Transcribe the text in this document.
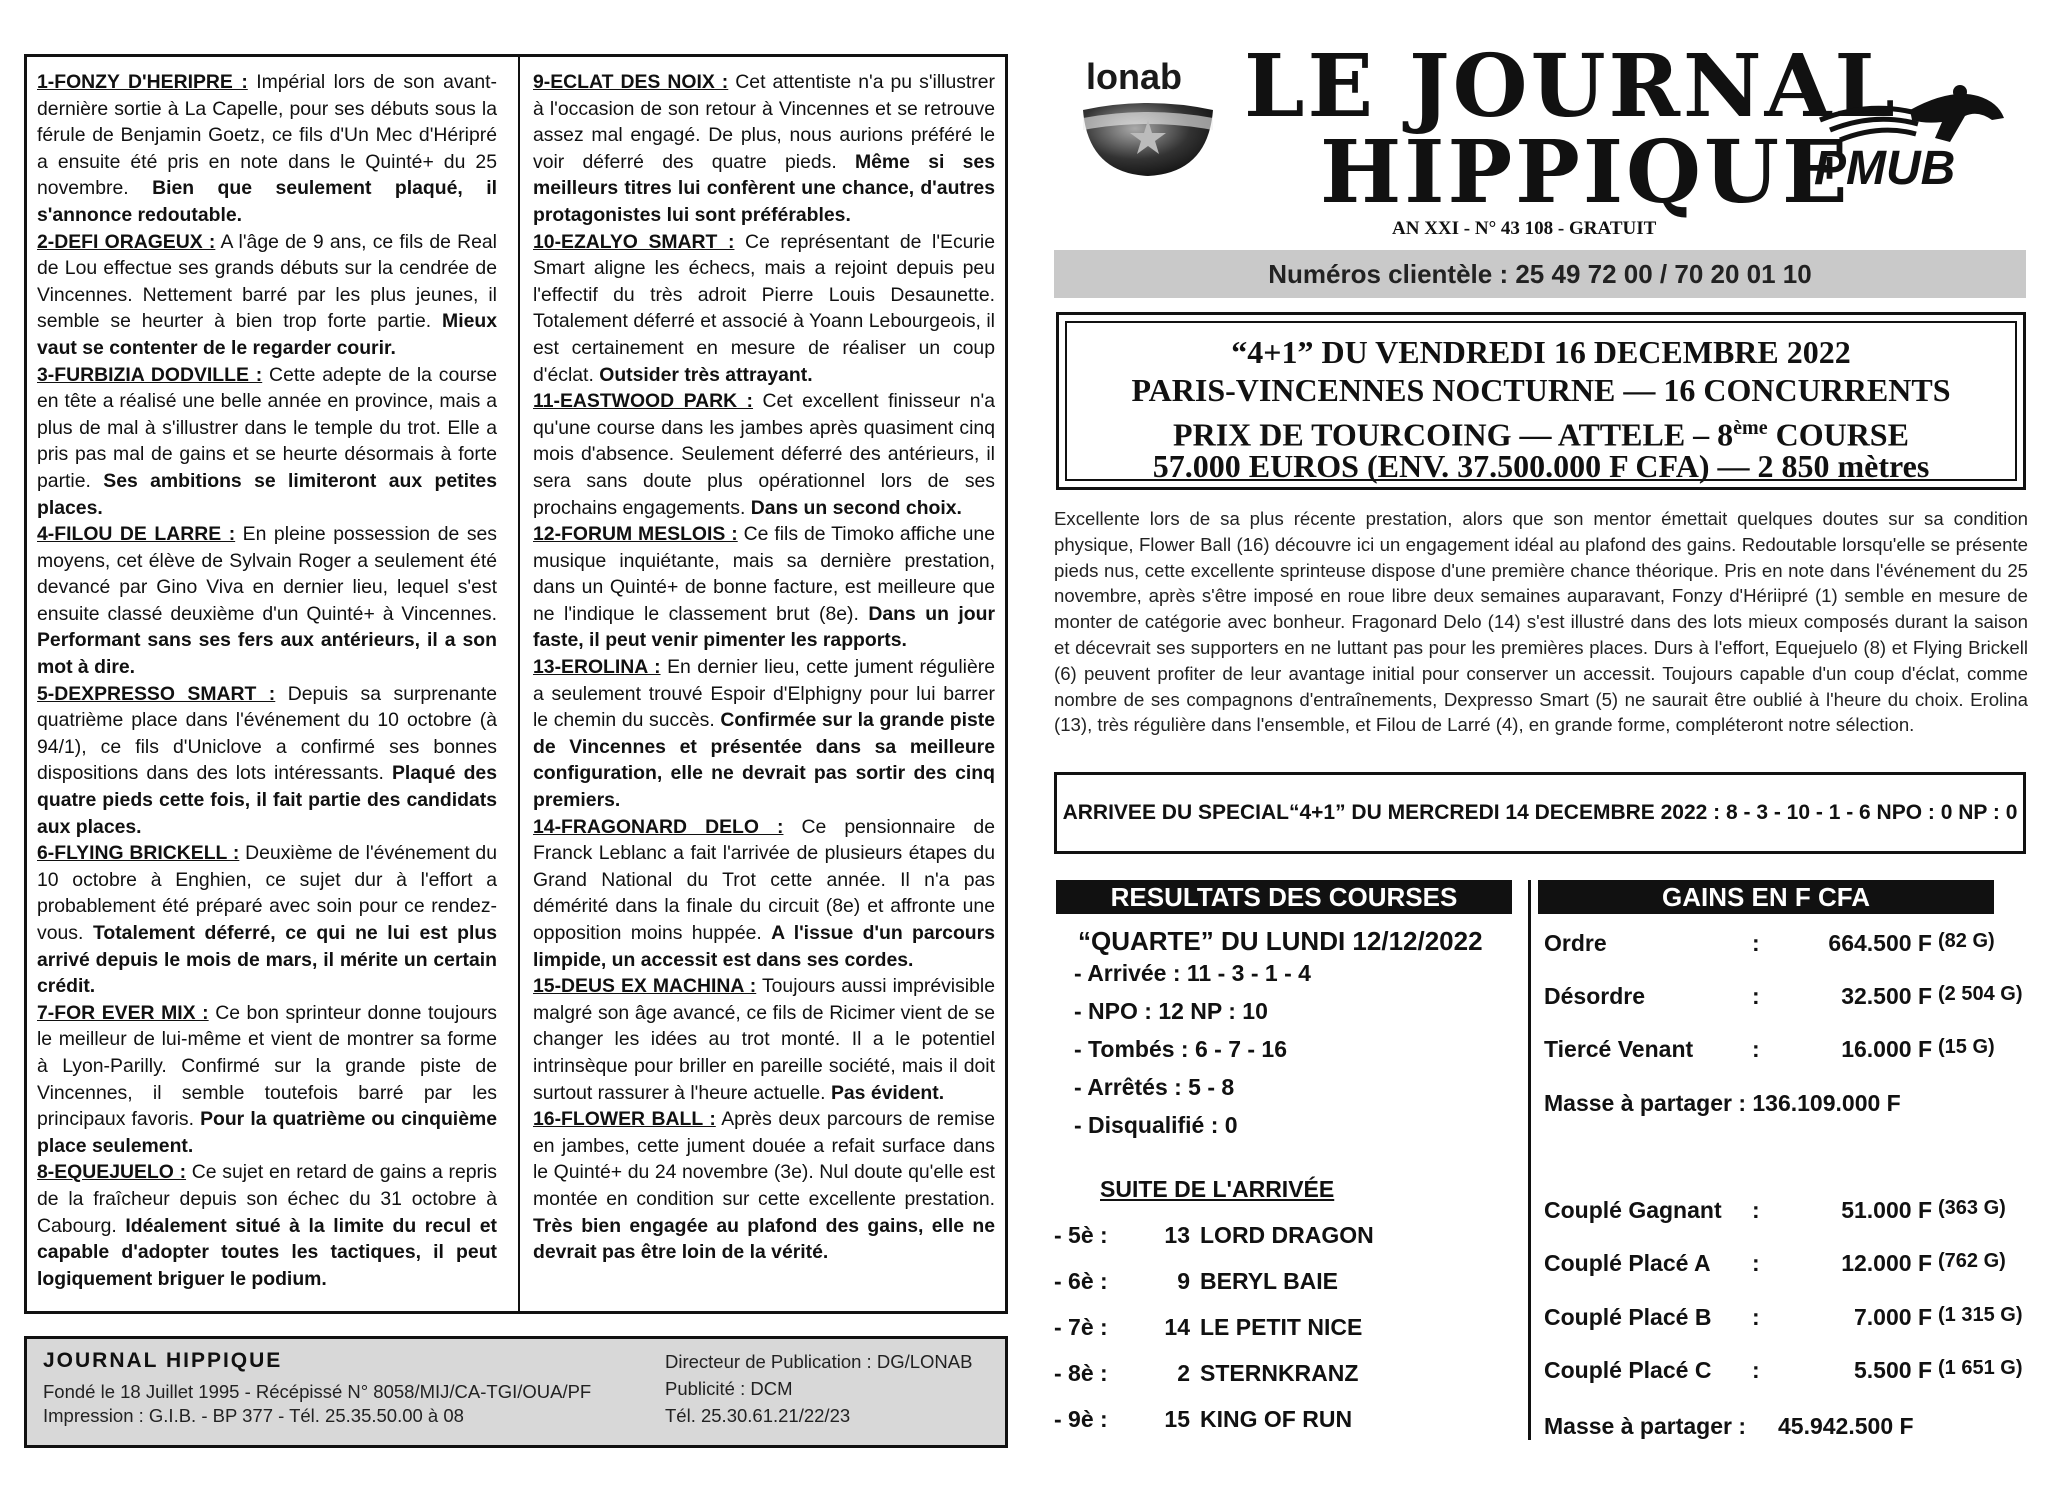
1-FONZY D'HERIPRE : Impérial lors de son avant-dernière sortie à La Capelle, pour ses débuts sous la férule de Benjamin Goetz, ce fils d'Un Mec d'Héripré a ensuite été pris en note dans le Quinté+ du 25 novembre. Bien que seulement plaqué, il s'annonce redoutable.

2-DEFI ORAGEUX : A l'âge de 9 ans, ce fils de Real de Lou effectue ses grands débuts sur la cendrée de Vincennes. Nettement barré par les plus jeunes, il semble se heurter à bien trop forte partie. Mieux vaut se contenter de le regarder courir.

3-FURBIZIA DODVILLE : Cette adepte de la course en tête a réalisé une belle année en province, mais a plus de mal à s'illustrer dans le temple du trot. Elle a pris pas mal de gains et se heurte désormais à forte partie. Ses ambitions se limiteront aux petites places.

4-FILOU DE LARRE : En pleine possession de ses moyens, cet élève de Sylvain Roger a seulement été devancé par Gino Viva en dernier lieu, lequel s'est ensuite classé deuxième d'un Quinté+ à Vincennes. Performant sans ses fers aux antérieurs, il a son mot à dire.

5-DEXPRESSO SMART : Depuis sa surprenante quatrième place dans l'événement du 10 octobre (à 94/1), ce fils d'Uniclove a confirmé ses bonnes dispositions dans des lots intéressants. Plaqué des quatre pieds cette fois, il fait partie des candidats aux places.

6-FLYING BRICKELL : Deuxième de l'événement du 10 octobre à Enghien, ce sujet dur à l'effort a probablement été préparé avec soin pour ce rendez-vous. Totalement déferré, ce qui ne lui est plus arrivé depuis le mois de mars, il mérite un certain crédit.

7-FOR EVER MIX : Ce bon sprinteur donne toujours le meilleur de lui-même et vient de montrer sa forme à Lyon-Parilly. Confirmé sur la grande piste de Vincennes, il semble toutefois barré par les principaux favoris. Pour la quatrième ou cinquième place seulement.

8-EQUEJUELO : Ce sujet en retard de gains a repris de la fraîcheur depuis son échec du 31 octobre à Cabourg. Idéalement situé à la limite du recul et capable d'adopter toutes les tactiques, il peut logiquement briguer le podium.

9-ECLAT DES NOIX : Cet attentiste n'a pu s'illustrer à l'occasion de son retour à Vincennes et se retrouve assez mal engagé. De plus, nous aurions préféré le voir déferré des quatre pieds. Même si ses meilleurs titres lui confèrent une chance, d'autres protagonistes lui sont préférables.

10-EZALYO SMART : Ce représentant de l'Ecurie Smart aligne les échecs, mais a rejoint depuis peu l'effectif du très adroit Pierre Louis Desaunette. Totalement déferré et associé à Yoann Lebourgeois, il est certainement en mesure de réaliser un coup d'éclat. Outsider très attrayant.

11-EASTWOOD PARK : Cet excellent finisseur n'a qu'une course dans les jambes après quasiment cinq mois d'absence. Seulement déferré des antérieurs, il sera sans doute plus opérationnel lors de ses prochains engagements. Dans un second choix.

12-FORUM MESLOIS : Ce fils de Timoko affiche une musique inquiétante, mais sa dernière prestation, dans un Quinté+ de bonne facture, est meilleure que ne l'indique le classement brut (8e). Dans un jour faste, il peut venir pimenter les rapports.

13-EROLINA : En dernier lieu, cette jument régulière a seulement trouvé Espoir d'Elphigny pour lui barrer le chemin du succès. Confirmée sur la grande piste de Vincennes et présentée dans sa meilleure configuration, elle ne devrait pas sortir des cinq premiers.

14-FRAGONARD DELO : Ce pensionnaire de Franck Leblanc a fait l'arrivée de plusieurs étapes du Grand National du Trot cette année. Il n'a pas démérité dans la finale du circuit (8e) et affronte une opposition moins huppée. A l'issue d'un parcours limpide, un accessit est dans ses cordes.

15-DEUS EX MACHINA : Toujours aussi imprévisible malgré son âge avancé, ce fils de Ricimer vient de se changer les idées au trot monté. Il a le potentiel intrinsèque pour briller en pareille société, mais il doit surtout rassurer à l'heure actuelle. Pas évident.

16-FLOWER BALL : Après deux parcours de remise en jambes, cette jument douée a refait surface dans le Quinté+ du 24 novembre (3e). Nul doute qu'elle est montée en condition sur cette excellente prestation. Très bien engagée au plafond des gains, elle ne devrait pas être loin de la vérité.

JOURNAL HIPPIQUE
Fondé le 18 Juillet 1995 - Récépissé N° 8058/MIJ/CA-TGI/OUA/PF
Impression : G.I.B. - BP 377 - Tél. 25.35.50.00 à 08
Directeur de Publication : DG/LONAB
Publicité : DCM
Tél. 25.30.61.21/22/23
lonab LE JOURNAL
HIPPIQUE
AN XXI - N° 43 108 - GRATUIT
PMUB
Numéros clientèle : 25 49 72 00 / 70 20 01 10
“4+1” DU VENDREDI 16 DECEMBRE 2022
PARIS-VINCENNES NOCTURNE — 16 CONCURRENTS
PRIX DE TOURCOING — ATTELE – 8ème COURSE
57.000 EUROS (ENV. 37.500.000 F CFA) — 2 850 mètres
Excellente lors de sa plus récente prestation, alors que son mentor émettait quelques doutes sur sa condition physique, Flower Ball (16) découvre ici un engagement idéal au plafond des gains. Redoutable lorsqu'elle se présente pieds nus, cette excellente sprinteuse dispose d'une première chance théorique. Pris en note dans l'événement du 25 novembre, après s'être imposé en roue libre deux semaines auparavant, Fonzy d'Hériipré (1) semble en mesure de monter de catégorie avec bonheur. Fragonard Delo (14) s'est illustré dans des lots mieux composés durant la saison et décevrait ses supporters en ne luttant pas pour les premières places. Durs à l'effort, Equejuelo (8) et Flying Brickell (6) peuvent profiter de leur avantage initial pour conserver un accessit. Toujours capable d'un coup d'éclat, comme nombre de ses compagnons d'entraînements, Dexpresso Smart (5) ne saurait être oublié à l'heure du choix. Erolina (13), très régulière dans l'ensemble, et Filou de Larré (4), en grande forme, compléteront notre sélection.
ARRIVEE DU SPECIAL“4+1” DU MERCREDI 14 DECEMBRE 2022 : 8 - 3 - 10 - 1 - 6 NPO : 0 NP : 0
RESULTATS DES COURSES	GAINS EN F CFA
“QUARTE” DU LUNDI 12/12/2022
- Arrivée : 11 - 3 - 1 - 4
- NPO : 12 NP : 10
- Tombés : 6 - 7 - 16
- Arrêtés : 5 - 8
- Disqualifié : 0
SUITE DE L'ARRIVÉE
- 5è :	13 LORD DRAGON
- 6è :	9 BERYL BAIE
- 7è :	14 LE PETIT NICE
- 8è :	2 STERNKRANZ
- 9è :	15 KING OF RUN
Ordre	:	664.500 F (82 G)
Désordre	:	32.500 F (2 504 G)
Tiercé Venant	:	16.000 F (15 G)
Couplé Gagnant :	51.000 F (363 G)
Couplé Placé A :	12.000 F (762 G)
Couplé Placé B :	7.000 F (1 315 G)
Couplé Placé C :	5.500 F (1 651 G)
Masse à partager : 136.109.000 F
Masse à partager : 45.942.500 F
